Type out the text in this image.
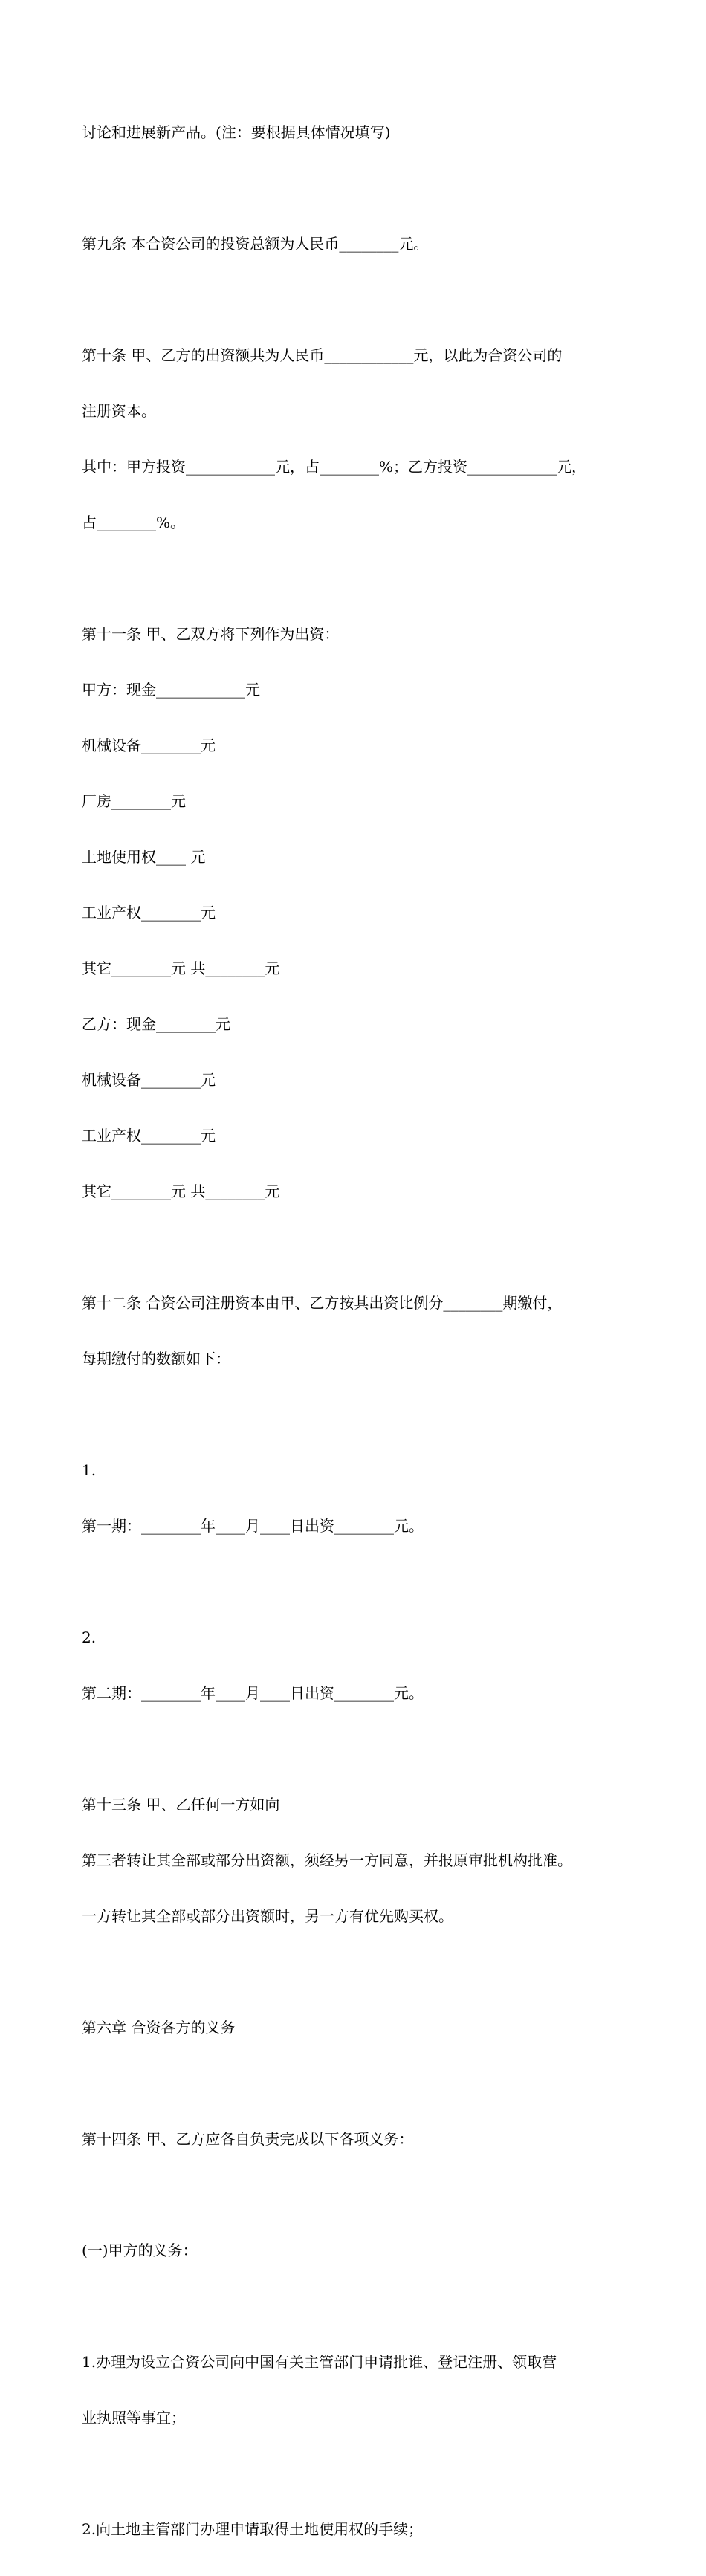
讨论和进展新产品。(注：要根据具体情况填写)

第九条 本合资公司的投资总额为人民币________元。

第十条 甲、乙方的出资额共为人民币____________元，以此为合资公司的

注册资本。

其中：甲方投资____________元，占________%；乙方投资____________元，

占________%。

第十一条 甲、乙双方将下列作为出资：

甲方：现金____________元

机械设备________元

厂房________元

土地使用权____ 元

工业产权________元

其它________元 共________元

乙方：现金________元

机械设备________元

工业产权________元

其它________元 共________元

第十二条 合资公司注册资本由甲、乙方按其出资比例分________期缴付，

每期缴付的数额如下：

1.

第一期：________年____月____日出资________元。

2.

第二期：________年____月____日出资________元。

第十三条 甲、乙任何一方如向

第三者转让其全部或部分出资额，须经另一方同意，并报原审批机构批准。

一方转让其全部或部分出资额时，另一方有优先购买权。

第六章 合资各方的义务

第十四条 甲、乙方应各自负责完成以下各项义务：

(一)甲方的义务：

1.办理为设立合资公司向中国有关主管部门申请批谁、登记注册、领取营

业执照等事宜；

2.向土地主管部门办理申请取得土地使用权的手续；
